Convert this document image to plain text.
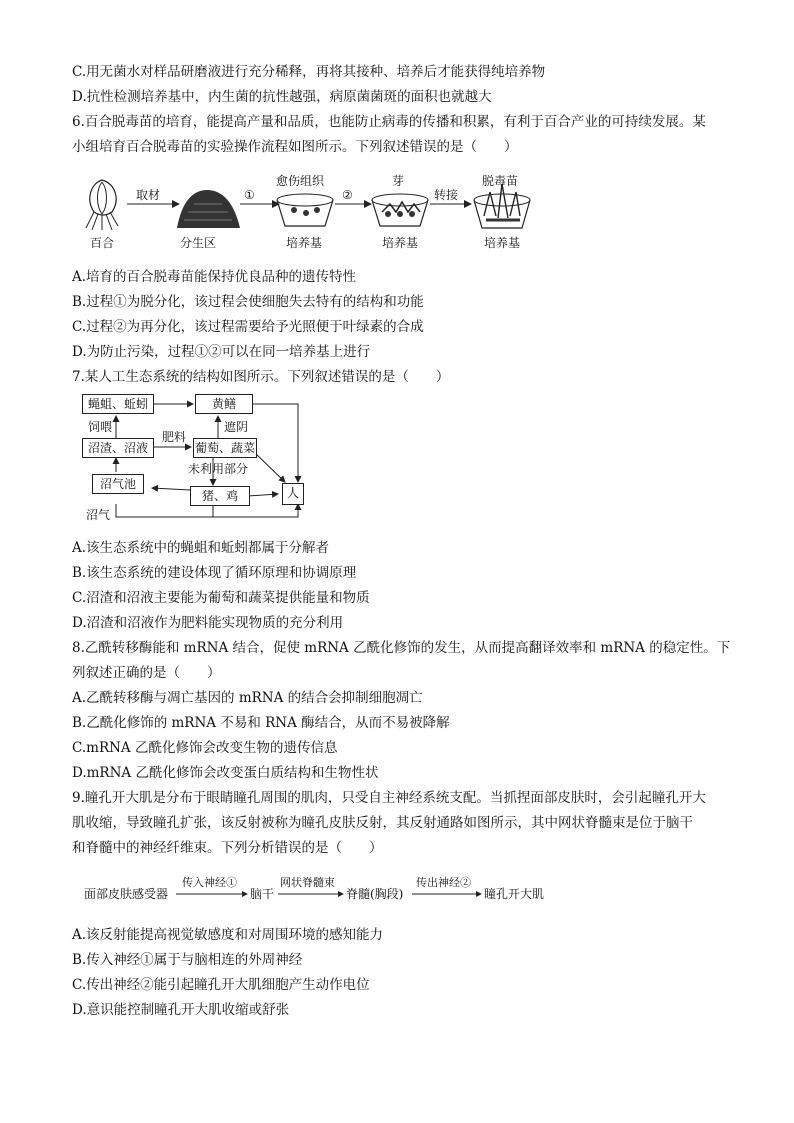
C.用无菌水对样品研磨液进行充分稀释，再将其接种、培养后才能获得纯培养物
D.抗性检测培养基中，内生菌的抗性越强，病原菌菌斑的面积也就越大
6.百合脱毒苗的培育，能提高产量和品质，也能防止病毒的传播和积累，有利于百合产业的可持续发展。某
小组培育百合脱毒苗的实验操作流程如图所示。下列叙述错误的是（　　）
百合
取材
分生区
①
愈伤组织
培养基
②
芽
培养基
转接
脱毒苗
培养基
A.培育的百合脱毒苗能保持优良品种的遗传特性
B.过程①为脱分化，该过程会使细胞失去特有的结构和功能
C.过程②为再分化，该过程需要给予光照便于叶绿素的合成
D.为防止污染，过程①②可以在同一培养基上进行
7.某人工生态系统的结构如图所示。下列叙述错误的是（　　）
蝇蛆、蚯蚓	黄鳝
饲喂	遮阴
沼渣、沼液
肥料
葡萄、蔬菜
未利用部分
沼气池
猪、鸡	人
沼气
A.该生态系统中的蝇蛆和蚯蚓都属于分解者
B.该生态系统的建设体现了循环原理和协调原理
C.沼渣和沼液主要能为葡萄和蔬菜提供能量和物质
D.沼渣和沼液作为肥料能实现物质的充分利用
8.乙酰转移酶能和 mRNA 结合，促使 mRNA 乙酰化修饰的发生，从而提高翻译效率和 mRNA 的稳定性。下
列叙述正确的是（　　）
A.乙酰转移酶与凋亡基因的 mRNA 的结合会抑制细胞凋亡
B.乙酰化修饰的 mRNA 不易和 RNA 酶结合，从而不易被降解
C.mRNA 乙酰化修饰会改变生物的遗传信息
D.mRNA 乙酰化修饰会改变蛋白质结构和生物性状
9.瞳孔开大肌是分布于眼睛瞳孔周围的肌肉，只受自主神经系统支配。当抓捏面部皮肤时，会引起瞳孔开大
肌收缩，导致瞳孔扩张，该反射被称为瞳孔皮肤反射，其反射通路如图所示，其中网状脊髓束是位于脑干
和脊髓中的神经纤维束。下列分析错误的是（　　）
面部皮肤感受器
传入神经①
脑干
网状脊髓束
脊髓(胸段)
传出神经②
瞳孔开大肌
A.该反射能提高视觉敏感度和对周围环境的感知能力
B.传入神经①属于与脑相连的外周神经
C.传出神经②能引起瞳孔开大肌细胞产生动作电位
D.意识能控制瞳孔开大肌收缩或舒张
